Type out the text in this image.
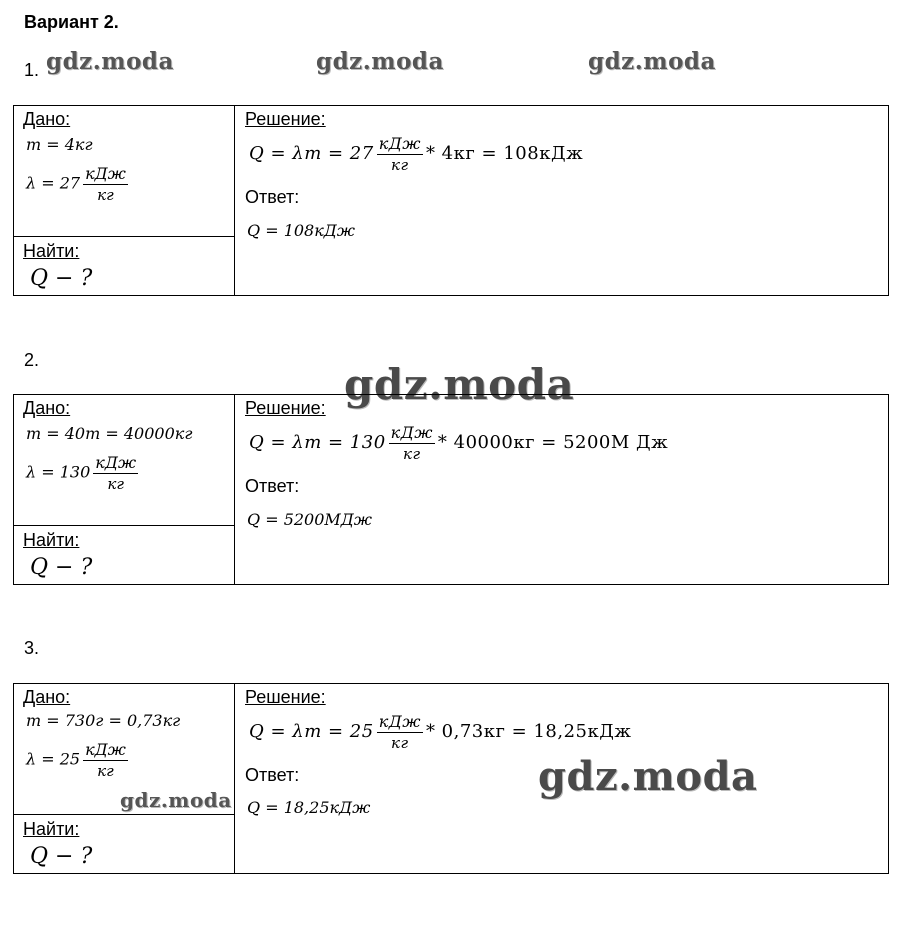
Вариант 2.
1. gdz.moda	gdz.moda	gdz.moda
Дано:
m = 4кг
$\lambda = 27 \frac{\text{кДж}}{кг}$
Найти:
Q − ?
Решение:
$Q = \lambda m = 27 \frac{\text{кДж}}{кг} * 4кг = 108кДж$
Ответ:
Q = 108кДж
2.	gdz.moda
Дано:
m = 40т = 40000кг
$\lambda = 130 \frac{\text{кДж}}{кг}$
Найти:
Q − ?
Решение:
$Q = \lambda m = 130 \frac{\text{кДж}}{кг} * 40000кг = 5200М$ Дж
Ответ:
Q = 5200МДж
3.
Дано:
m = 730г = 0,73кг
$\lambda = 25 \frac{\text{кДж}}{кг}$
Найти:
Q − ?
Решение:
$Q = \lambda m = 25 \frac{\text{кДж}}{кг} * 0,73кг = 18,25кДж$
Ответ:
Q = 18,25кДж
gdz.moda
gdz.moda
